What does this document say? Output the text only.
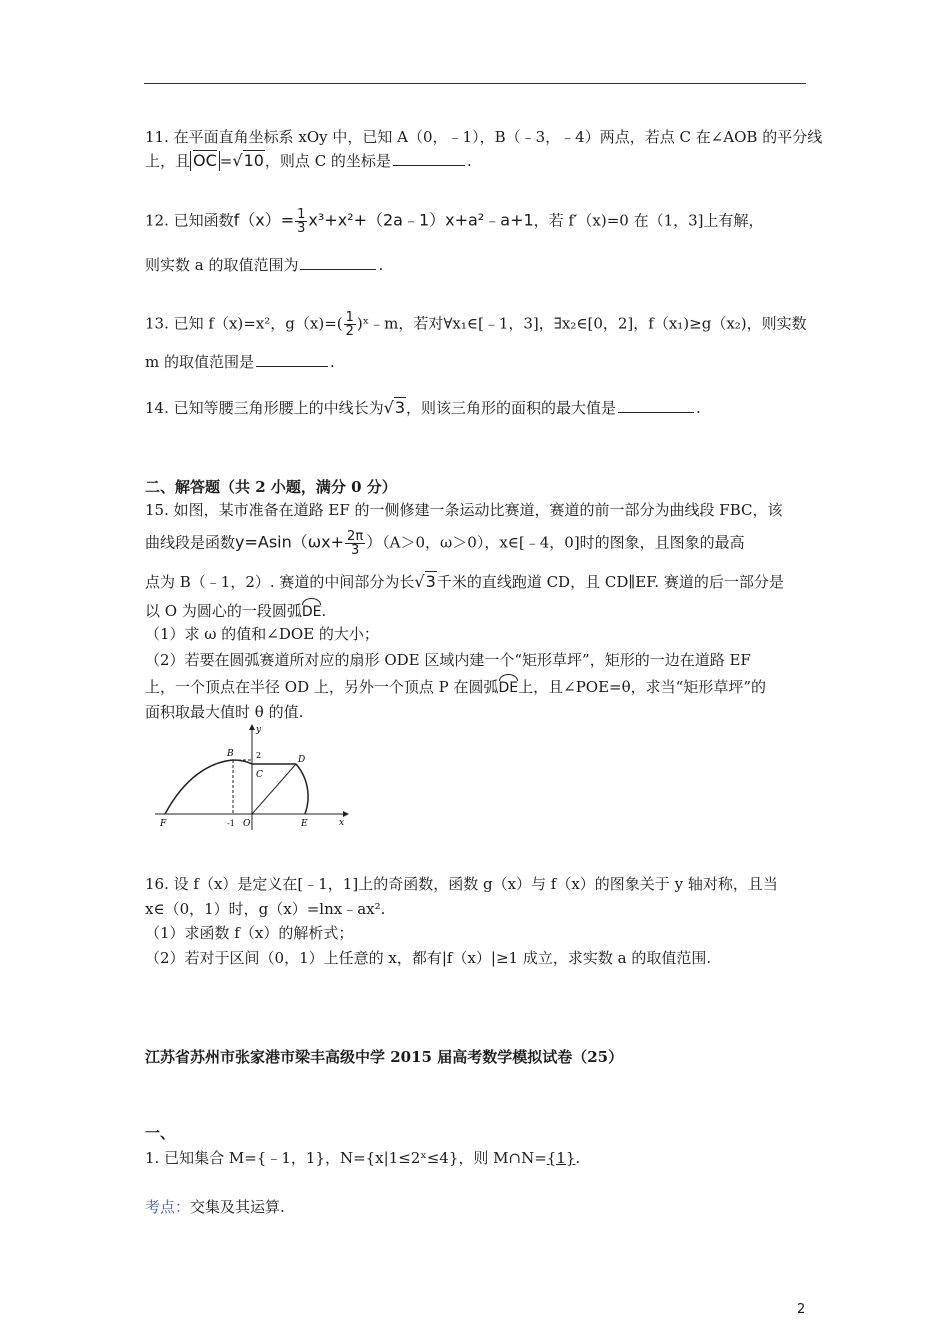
11. 在平面直角坐标系 xOy 中，已知 A（0，﹣1），B（﹣3，﹣4）两点，若点 C 在∠AOB 的平分线
上，且 OC =√10，则点 C 的坐标是	.
12. 已知函数$f(x)= \frac{1}{3}$ x³+x²+（2a﹣1）x+a²﹣a+1，若 f′（x)=0 在（1，3]上有解，
则实数 a 的取值范围为	.
13. 已知 f（x)=x²，$g(x)=( \frac{1}{2}$ )ˣ﹣m，若对∀x₁∈[﹣1，3]，∃x₂∈[0，2]，f（x₁)≥g（x₂)，则实数
m 的取值范围是	.
14. 已知等腰三角形腰上的中线长为√3，则该三角形的面积的最大值是	.
二、解答题（共 2 小题，满分 0 分）
15. 如图，某市准备在道路 EF 的一侧修建一条运动比赛道，赛道的前一部分为曲线段 FBC，该
曲线段是函数$y=Asin(\omega x+ \frac{2\pi}{3} )(A>0$，ω＞0），x∈[﹣4，0]时的图象，且图象的最高
点为 B（﹣1，2）. 赛道的中间部分为长√3千米的直线跑道 CD，且 CD∥EF. 赛道的后一部分是
以 O 为圆心的一段圆弧DE.
（1）求 ω 的值和∠DOE 的大小；
（2）若要在圆弧赛道所对应的扇形 ODE 区域内建一个“矩形草坪”，矩形的一边在道路 EF
上，一个顶点在半径 OD 上，另外一个顶点 P 在圆弧DE上，且∠POE=θ，求当“矩形草坪”的
面积取最大值时 θ 的值.
y
x
B	2
C
D
F	-1 O	E
16. 设 f（x）是定义在[﹣1，1]上的奇函数，函数 g（x）与 f（x）的图象关于 y 轴对称，且当
x∈（0，1）时，g（x）=lnx﹣ax².
（1）求函数 f（x）的解析式；
（2）若对于区间（0，1）上任意的 x，都有|f（x）|≥1 成立，求实数 a 的取值范围.
江苏省苏州市张家港市梁丰高级中学 2015 届高考数学模拟试卷（25）
一、
1. 已知集合 M={﹣1，1}，N={x|1≤2ˣ≤4}，则 M∩N={1}.
考点：交集及其运算.
2
